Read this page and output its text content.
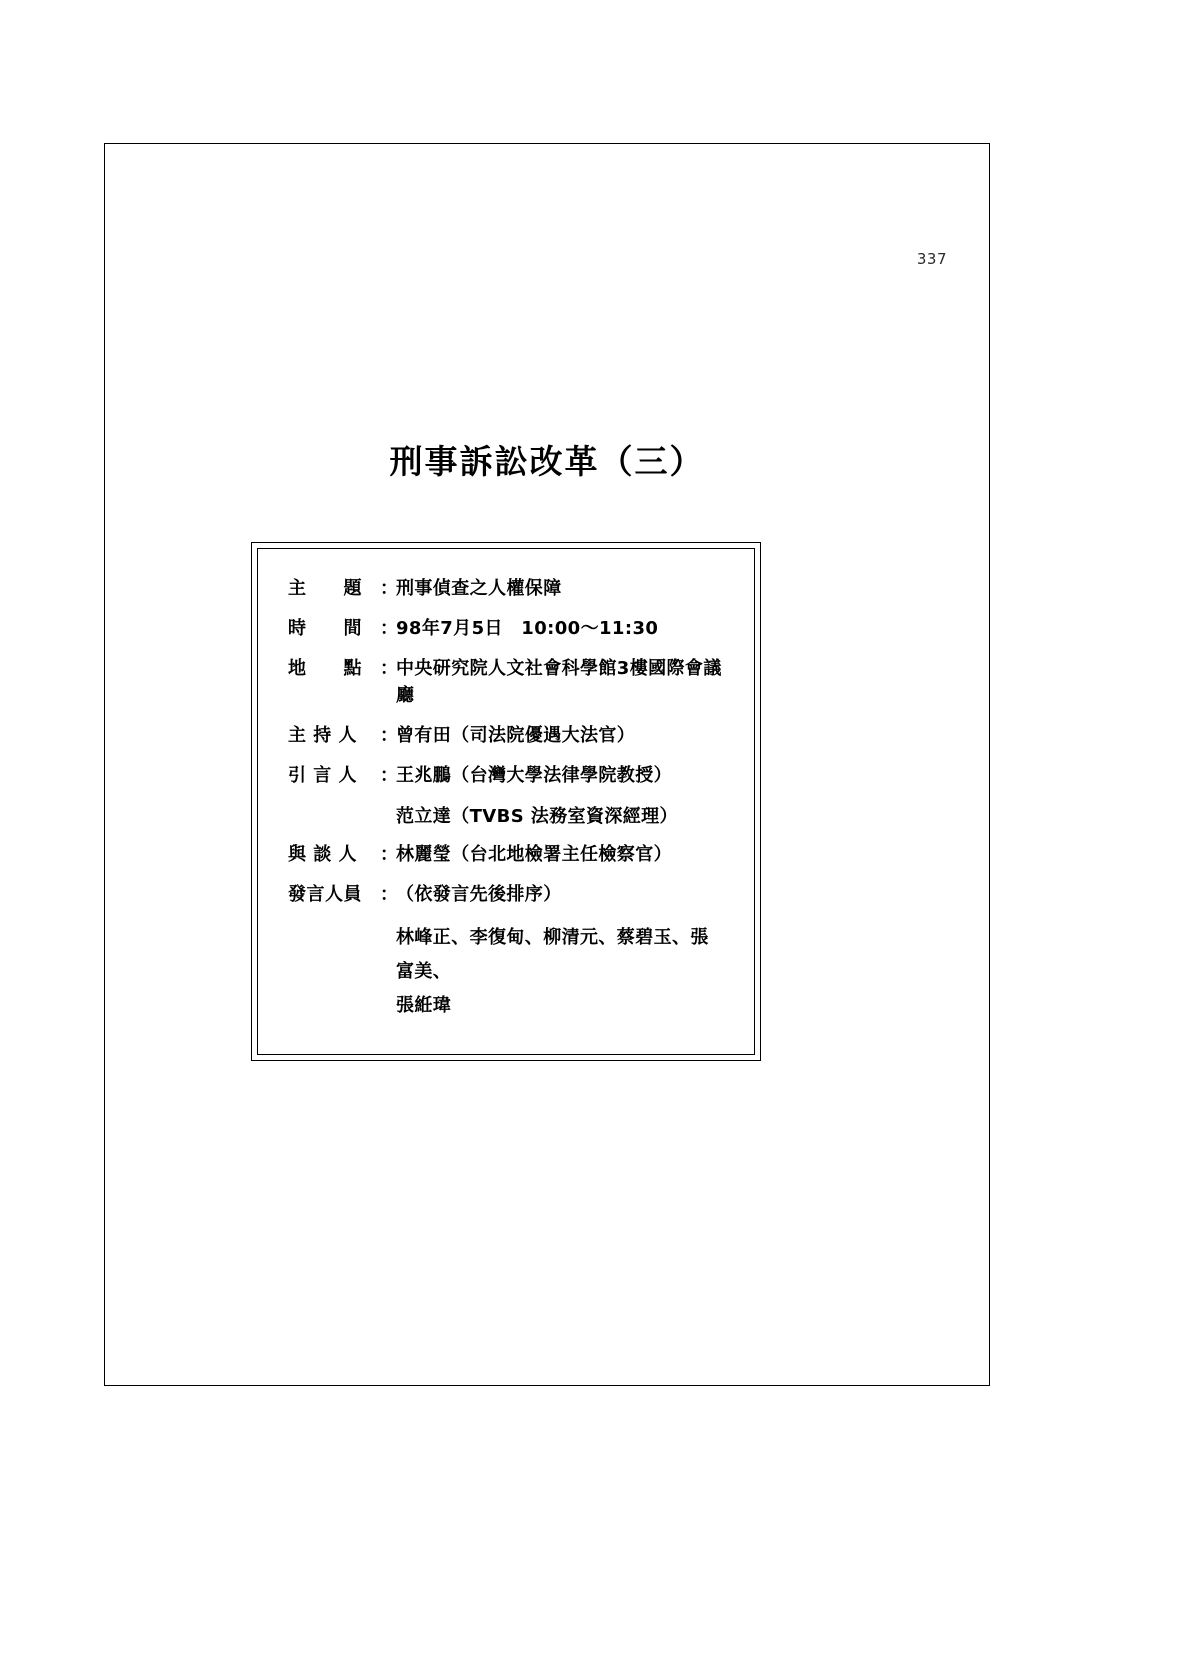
337
刑事訴訟改革（三）
主　　題	：
刑事偵查之人權保障
時　　間	：
98年7月5日　10:00〜11:30
地　　點	：
中央研究院人文社會科學館3樓國際會議廳
主 持 人	：
曾有田（司法院優遇大法官）
引 言 人	：
王兆鵬（台灣大學法律學院教授）
范立達（TVBS 法務室資深經理）
與 談 人	：
林麗瑩（台北地檢署主任檢察官）
發言人員	：
（依發言先後排序）
林峰正、李復甸、柳清元、蔡碧玉、張富美、
張絍瑋
